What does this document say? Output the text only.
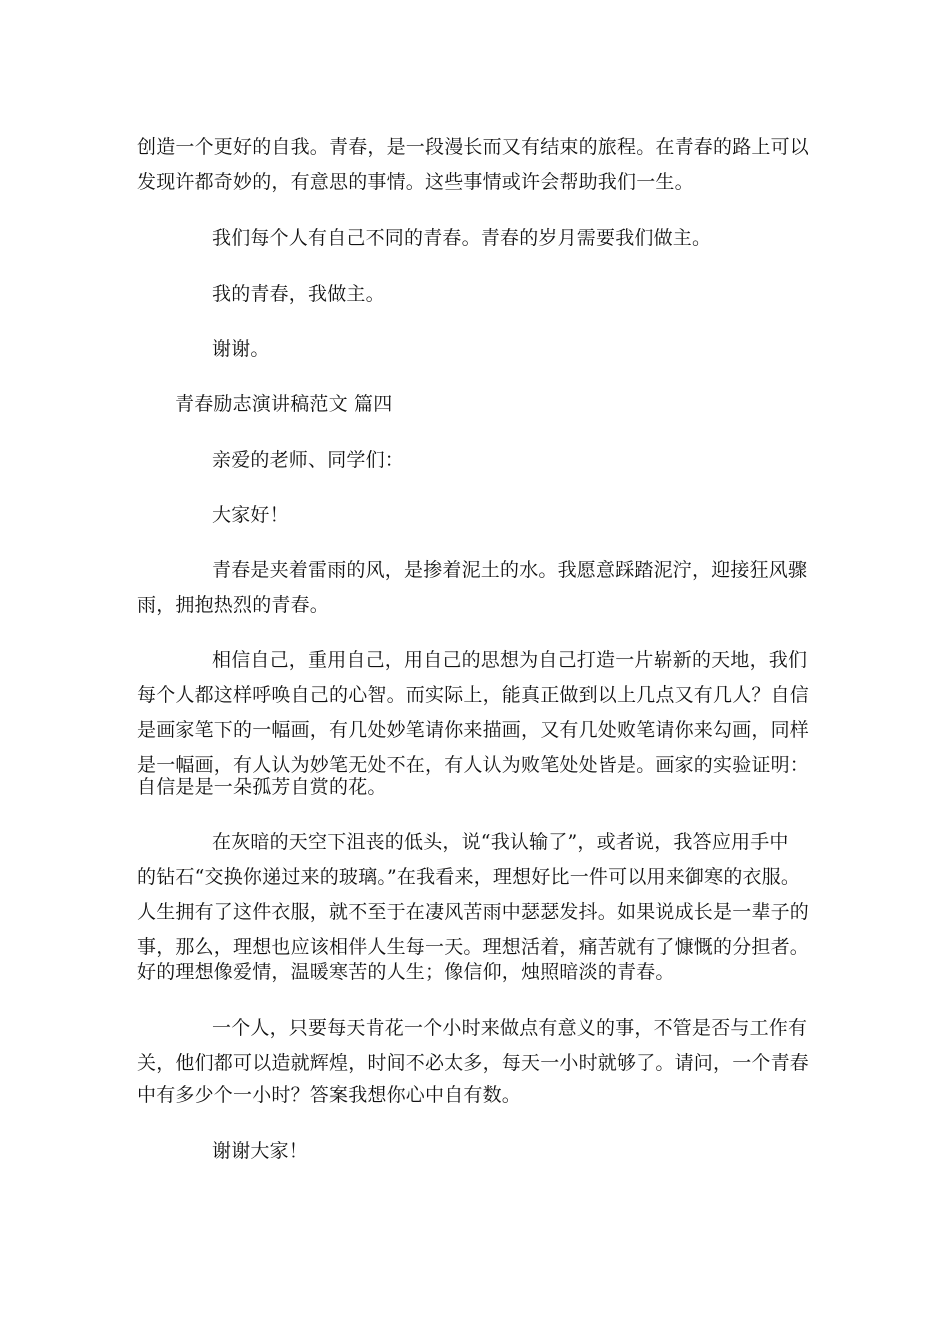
创造一个更好的自我。青春，是一段漫长而又有结束的旅程。在青春的路上可以
发现许都奇妙的，有意思的事情。这些事情或许会帮助我们一生。
我们每个人有自己不同的青春。青春的岁月需要我们做主。
我的青春，我做主。
谢谢。
青春励志演讲稿范文 篇四
亲爱的老师、同学们：
大家好！
青春是夹着雷雨的风，是掺着泥土的水。我愿意踩踏泥泞，迎接狂风骤
雨，拥抱热烈的青春。
相信自己，重用自己，用自己的思想为自己打造一片崭新的天地，我们
每个人都这样呼唤自己的心智。而实际上，能真正做到以上几点又有几人？自信
是画家笔下的一幅画，有几处妙笔请你来描画，又有几处败笔请你来勾画，同样
是一幅画，有人认为妙笔无处不在，有人认为败笔处处皆是。画家的实验证明：
自信是是一朵孤芳自赏的花。
在灰暗的天空下沮丧的低头，说“我认输了”，或者说，我答应用手中
的钻石“交换你递过来的玻璃。”在我看来，理想好比一件可以用来御寒的衣服。
人生拥有了这件衣服，就不至于在凄风苦雨中瑟瑟发抖。如果说成长是一辈子的
事，那么，理想也应该相伴人生每一天。理想活着，痛苦就有了慷慨的分担者。
好的理想像爱情，温暖寒苦的人生；像信仰，烛照暗淡的青春。
一个人，只要每天肯花一个小时来做点有意义的事，不管是否与工作有
关，他们都可以造就辉煌，时间不必太多，每天一小时就够了。请问，一个青春
中有多少个一小时？答案我想你心中自有数。
谢谢大家！
